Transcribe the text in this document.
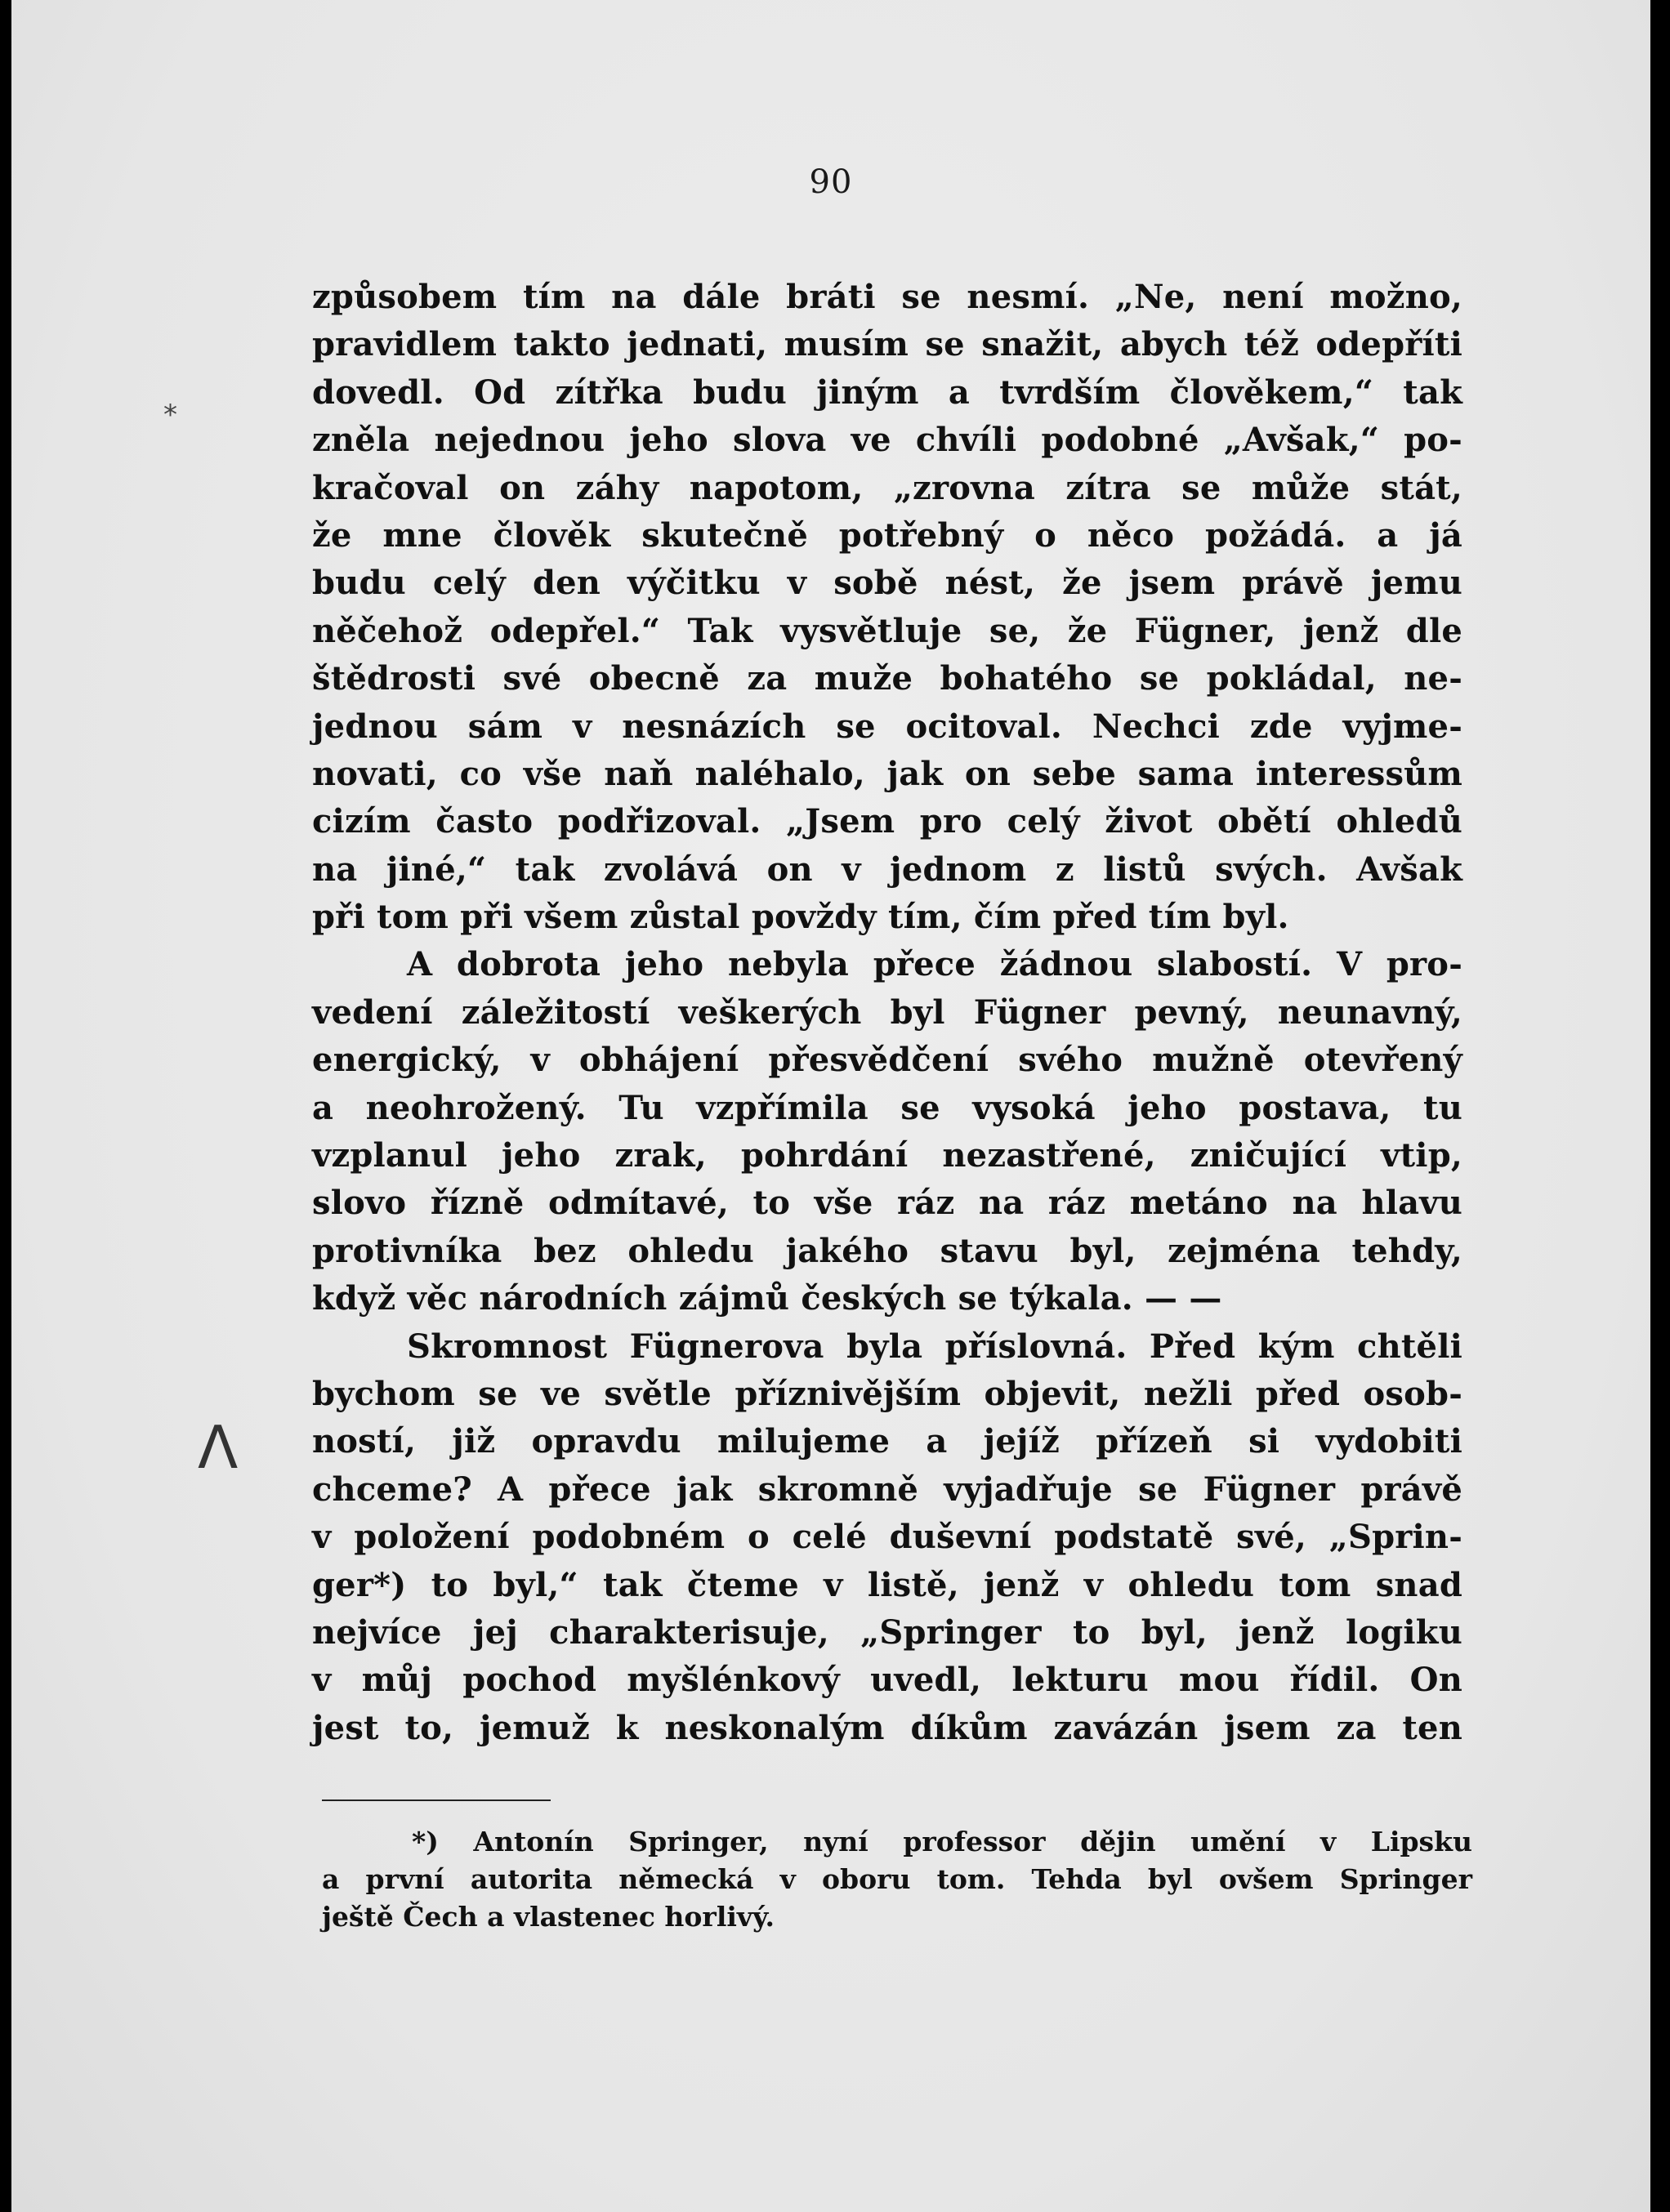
90
způsobem tím na dále bráti se nesmí. „Ne, není možno,
pravidlem takto jednati, musím se snažit, abych též odepříti
dovedl. Od zítřka budu jiným a tvrdším člověkem,“ tak
zněla nejednou jeho slova ve chvíli podobné „Avšak,“ po-
kračoval on záhy napotom, „zrovna zítra se může stát,
že mne člověk skutečně potřebný o něco požádá. a já
budu celý den výčitku v sobě nést, že jsem právě jemu
něčehož odepřel.“ Tak vysvětluje se, že Fügner, jenž dle
štědrosti své obecně za muže bohatého se pokládal, ne-
jednou sám v nesnázích se ocitoval. Nechci zde vyjme-
novati, co vše naň naléhalo, jak on sebe sama interessům
cizím často podřizoval. „Jsem pro celý život obětí ohledů
na jiné,“ tak zvolává on v jednom z listů svých. Avšak
při tom při všem zůstal povždy tím, čím před tím byl.
A dobrota jeho nebyla přece žádnou slabostí. V pro-
vedení záležitostí veškerých byl Fügner pevný, neunavný,
energický, v obhájení přesvědčení svého mužně otevřený
a neohrožený. Tu vzpřímila se vysoká jeho postava, tu
vzplanul jeho zrak, pohrdání nezastřené, zničující vtip,
slovo řízně odmítavé, to vše ráz na ráz metáno na hlavu
protivníka bez ohledu jakého stavu byl, zejména tehdy,
když věc národních zájmů českých se týkala. — —
Skromnost Fügnerova byla příslovná. Před kým chtěli
bychom se ve světle příznivějším objevit, nežli před osob-
ností, již opravdu milujeme a jejíž přízeň si vydobiti
chceme? A přece jak skromně vyjadřuje se Fügner právě
v položení podobném o celé duševní podstatě své, „Sprin-
ger*) to byl,“ tak čteme v listě, jenž v ohledu tom snad
nejvíce jej charakterisuje, „Springer to byl, jenž logiku
v můj pochod myšlénkový uvedl, lekturu mou řídil. On
jest to, jemuž k neskonalým díkům zavázán jsem za ten
*) Antonín Springer, nyní professor dějin umění v Lipsku
a první autorita německá v oboru tom. Tehda byl ovšem Springer
ještě Čech a vlastenec horlivý.
*
Λ
